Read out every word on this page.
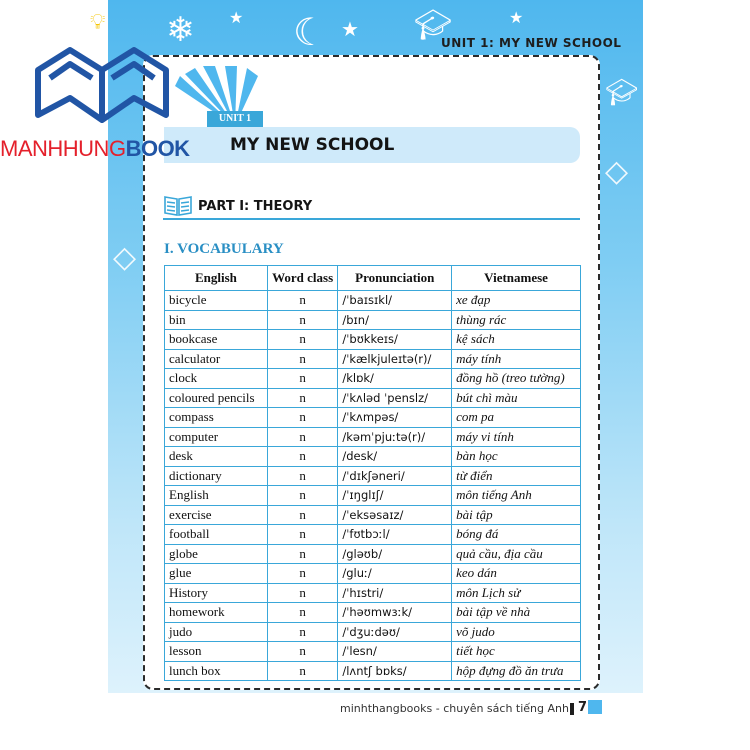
❄	☾
★	★	★
◇
◇
🎓︎
🎓︎
UNIT 1: MY NEW SCHOOL
UNIT 1
MY NEW SCHOOL
💡︎
MANHHUNGBOOK
PART I: THEORY
I. VOCABULARY
English	Word class	Pronunciation	Vietnamese
bicycle	n	/ˈbaɪsɪkl/	xe đạp
bin	n	/bɪn/	thùng rác
bookcase	n	/ˈbʊkkeɪs/	kệ sách
calculator	n	/ˈkælkjuleɪtə(r)/	máy tính
clock	n	/klɒk/	đồng hồ (treo tường)
coloured pencils	n	/ˈkʌləd ˈpenslz/	bút chì màu
compass	n	/ˈkʌmpəs/	com pa
computer	n	/kəmˈpjuːtə(r)/	máy vi tính
desk	n	/desk/	bàn học
dictionary	n	/ˈdɪkʃəneri/	từ điển
English	n	/ˈɪŋglɪʃ/	môn tiếng Anh
exercise	n	/ˈeksəsaɪz/	bài tập
football	n	/ˈfʊtbɔːl/	bóng đá
globe	n	/gləʊb/	quả cầu, địa cầu
glue	n	/gluː/	keo dán
History	n	/ˈhɪstri/	môn Lịch sử
homework	n	/ˈhəʊmwɜːk/	bài tập về nhà
judo	n	/ˈdʒuːdəʊ/	võ judo
lesson	n	/ˈlesn/	tiết học
lunch box	n	/lʌntʃ bɒks/	hộp đựng đồ ăn trưa
minhthangbooks - chuyên sách tiếng Anh 7
